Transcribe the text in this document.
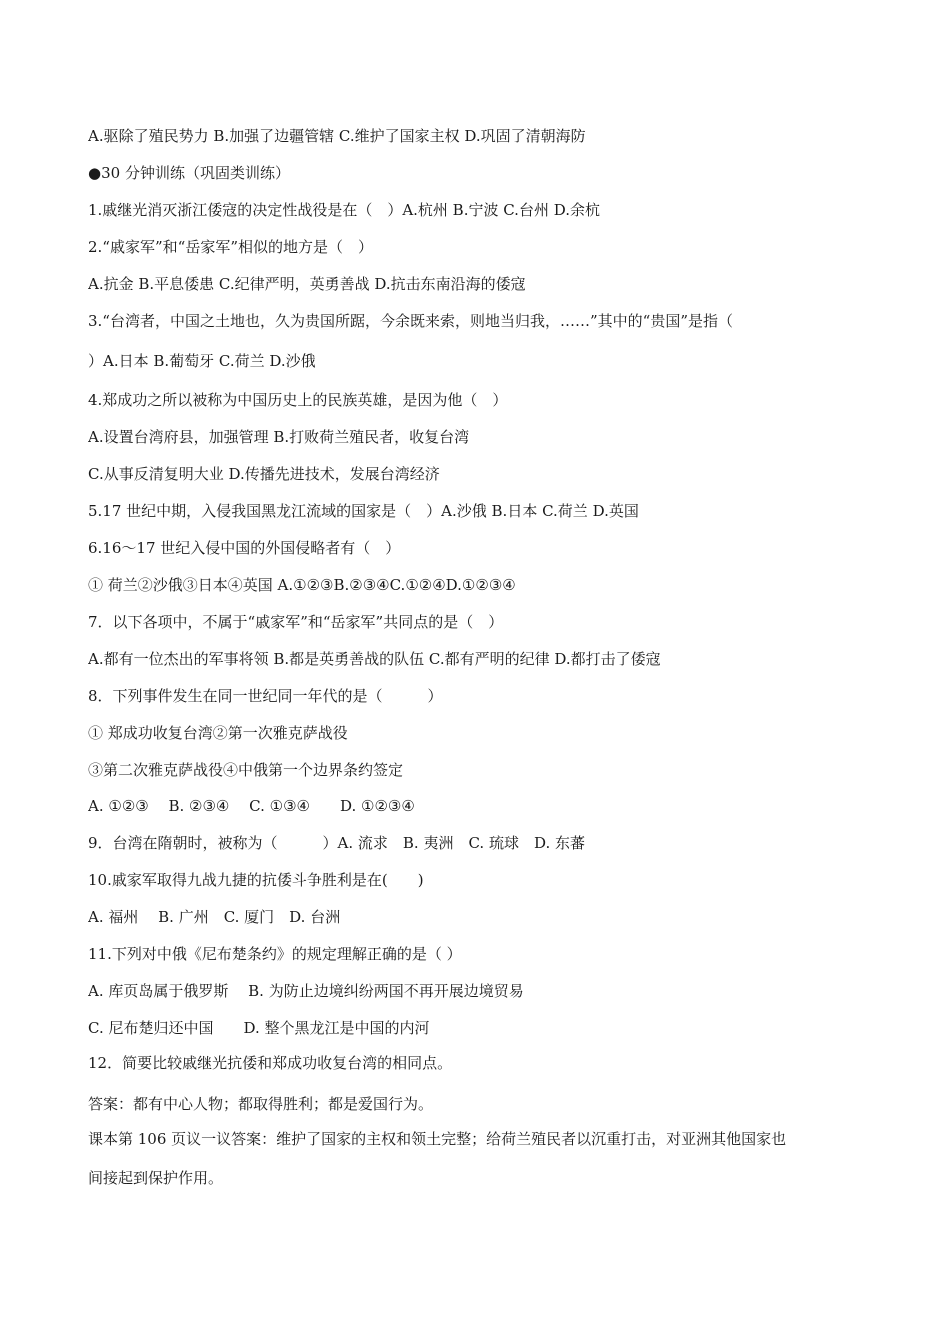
A.驱除了殖民势力 B.加强了边疆管辖 C.维护了国家主权 D.巩固了清朝海防
●30 分钟训练（巩固类训练）
1.戚继光消灭浙江倭寇的决定性战役是在（　）A.杭州 B.宁波 C.台州 D.余杭
2.“戚家军”和“岳家军”相似的地方是（　）
A.抗金 B.平息倭患 C.纪律严明，英勇善战 D.抗击东南沿海的倭寇
3.“台湾者，中国之土地也，久为贵国所踞，今余既来索，则地当归我，……”其中的“贵国”是指（
）A.日本 B.葡萄牙 C.荷兰 D.沙俄
4.郑成功之所以被称为中国历史上的民族英雄，是因为他（　）
A.设置台湾府县，加强管理 B.打败荷兰殖民者，收复台湾
C.从事反清复明大业 D.传播先进技术，发展台湾经济
5.17 世纪中期，入侵我国黑龙江流域的国家是（　）A.沙俄 B.日本 C.荷兰 D.英国
6.16～17 世纪入侵中国的外国侵略者有（　）
① 荷兰②沙俄③日本④英国 A.①②③B.②③④C.①②④D.①②③④
7．以下各项中，不属于“戚家军”和“岳家军”共同点的是（　）
A.都有一位杰出的军事将领 B.都是英勇善战的队伍 C.都有严明的纪律 D.都打击了倭寇
8．下列事件发生在同一世纪同一年代的是（　　　）
① 郑成功收复台湾②第一次雅克萨战役
③第二次雅克萨战役④中俄第一个边界条约签定
A. ①②③　 B. ②③④　 C. ①③④　　D. ①②③④
9．台湾在隋朝时，被称为（　　　）A. 流求　B. 夷洲　C. 琉球　D. 东蕃
10.戚家军取得九战九捷的抗倭斗争胜利是在(　　)
A. 福州　 B. 广州　C. 厦门　D. 台洲
11.下列对中俄《尼布楚条约》的规定理解正确的是（ ）
A. 库页岛属于俄罗斯　 B. 为防止边境纠纷两国不再开展边境贸易
C. 尼布楚归还中国　　D. 整个黑龙江是中国的内河
12．简要比较戚继光抗倭和郑成功收复台湾的相同点。
答案：都有中心人物；都取得胜利；都是爱国行为。
课本第 106 页议一议答案：维护了国家的主权和领土完整；给荷兰殖民者以沉重打击，对亚洲其他国家也
间接起到保护作用。
